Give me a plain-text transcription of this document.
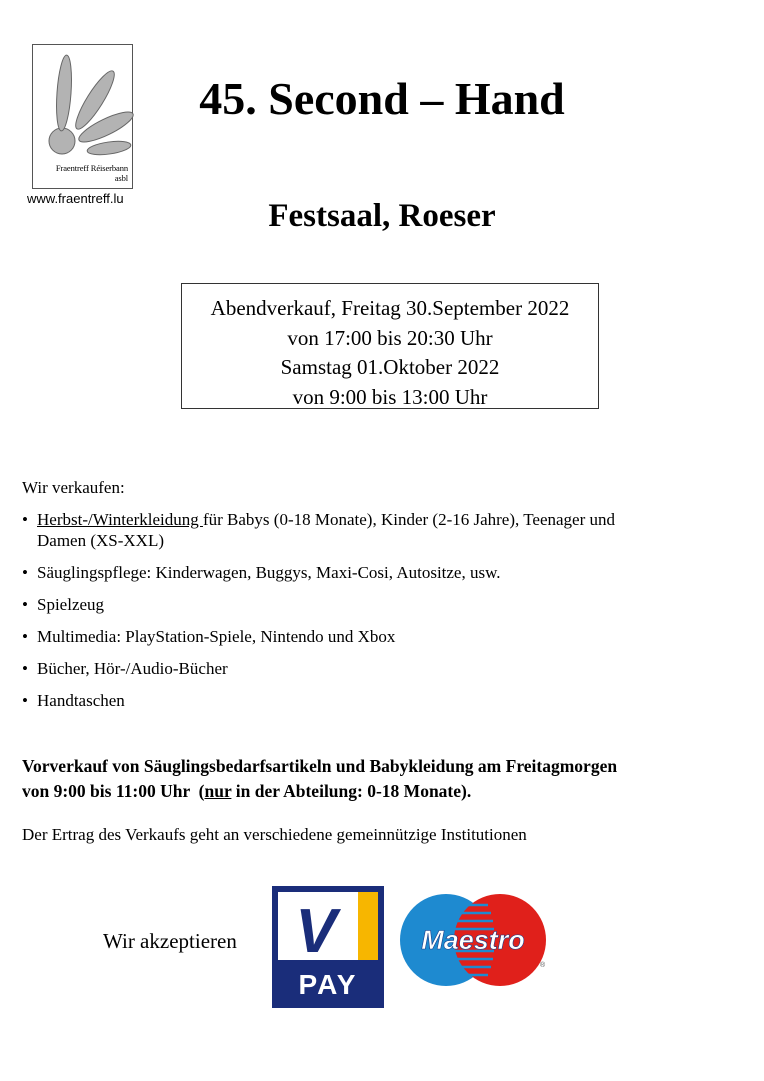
Fraentreff Réiserbann
asbl
www.fraentreff.lu
45. Second – Hand
Festsaal, Roeser
Abendverkauf, Freitag 30.September 2022
von 17:00 bis 20:30 Uhr
Samstag 01.Oktober 2022
von 9:00 bis 13:00 Uhr
Wir verkaufen:
• Herbst-/Winterkleidung für Babys (0-18 Monate), Kinder (2-16 Jahre), Teenager und
Damen (XS-XXL)
• Säuglingspflege: Kinderwagen, Buggys, Maxi-Cosi, Autositze, usw.
• Spielzeug
• Multimedia: PlayStation-Spiele, Nintendo und Xbox
• Bücher, Hör-/Audio-Bücher
• Handtaschen
Vorverkauf von Säuglingsbedarfsartikeln und Babykleidung am Freitagmorgen
von 9:00 bis 11:00 Uhr  (nur in der Abteilung: 0-18 Monate).
Der Ertrag des Verkaufs geht an verschiedene gemeinnützige Institutionen
Wir akzeptieren V
PAY
Maestro
®
